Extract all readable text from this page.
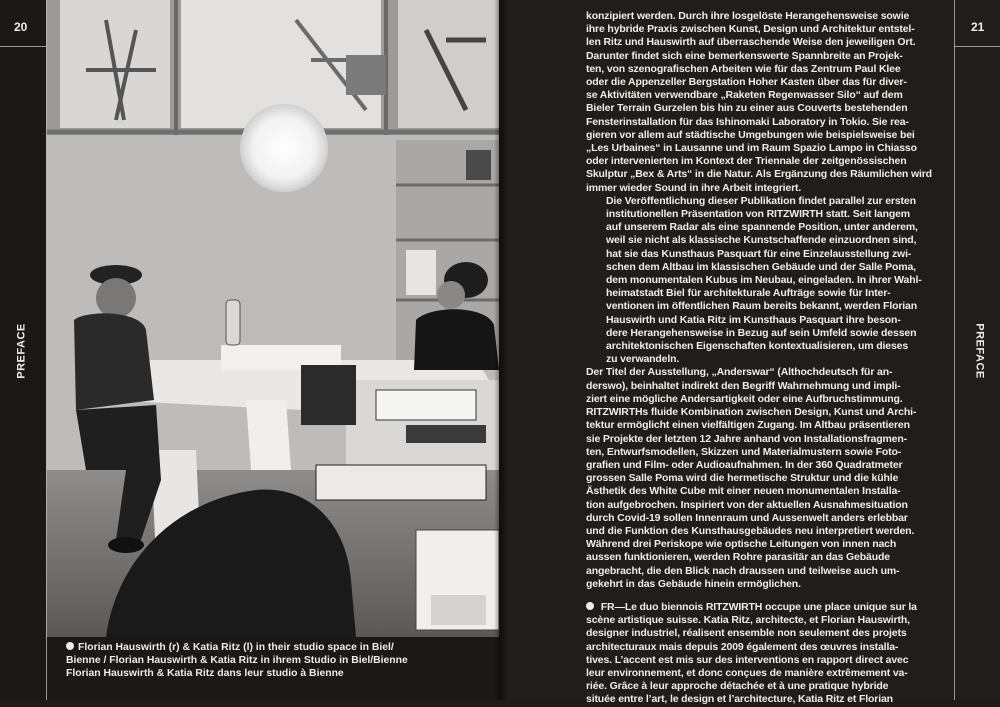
20
PREFACE
Florian Hauswirth (r) & Katia Ritz (l) in their studio space in Biel/
Bienne / Florian Hauswirth & Katia Ritz in ihrem Studio in Biel/Bienne
Florian Hauswirth & Katia Ritz dans leur studio à Bienne
21
PREFACE
konzipiert werden. Durch ihre losgelöste Herangehensweise sowie
ihre hybride Praxis zwischen Kunst, Design und Architektur entstel-
len Ritz und Hauswirth auf überraschende Weise den jeweiligen Ort.
Darunter findet sich eine bemerkenswerte Spannbreite an Projek-
ten, von szenografischen Arbeiten wie für das Zentrum Paul Klee
oder die Appenzeller Bergstation Hoher Kasten über das für diver-
se Aktivitäten verwendbare „Raketen Regenwasser Silo“ auf dem
Bieler Terrain Gurzelen bis hin zu einer aus Couverts bestehenden
Fensterinstallation für das Ishinomaki Laboratory in Tokio. Sie rea-
gieren vor allem auf städtische Umgebungen wie beispielsweise bei
„Les Urbaines“ in Lausanne und im Raum Spazio Lampo in Chiasso
oder intervenierten im Kontext der Triennale der zeitgenössischen
Skulptur „Bex & Arts“ in die Natur. Als Ergänzung des Räumlichen wird
immer wieder Sound in ihre Arbeit integriert.
Die Veröffentlichung dieser Publikation findet parallel zur ersten
institutionellen Präsentation von RITZWIRTH statt. Seit langem
auf unserem Radar als eine spannende Position, unter anderem,
weil sie nicht als klassische Kunstschaffende einzuordnen sind,
hat sie das Kunsthaus Pasquart für eine Einzelausstellung zwi-
schen dem Altbau im klassischen Gebäude und der Salle Poma,
dem monumentalen Kubus im Neubau, eingeladen. In ihrer Wahl-
heimatstadt Biel für architekturale Aufträge sowie für Inter-
ventionen im öffentlichen Raum bereits bekannt, werden Florian
Hauswirth und Katia Ritz im Kunsthaus Pasquart ihre beson-
dere Herangehensweise in Bezug auf sein Umfeld sowie dessen
architektonischen Eigenschaften kontextualisieren, um dieses
zu verwandeln.
Der Titel der Ausstellung, „Anderswar“ (Althochdeutsch für an-
derswo), beinhaltet indirekt den Begriff Wahrnehmung und impli-
ziert eine mögliche Andersartigkeit oder eine Aufbruchstimmung.
RITZWIRTHs fluide Kombination zwischen Design, Kunst und Archi-
tektur ermöglicht einen vielfältigen Zugang. Im Altbau präsentieren
sie Projekte der letzten 12 Jahre anhand von Installationsfragmen-
ten, Entwurfsmodellen, Skizzen und Materialmustern sowie Foto-
grafien und Film- oder Audioaufnahmen. In der 360 Quadratmeter
grossen Salle Poma wird die hermetische Struktur und die kühle
Ästhetik des White Cube mit einer neuen monumentalen Installa-
tion aufgebrochen. Inspiriert von der aktuellen Ausnahmesituation
durch Covid-19 sollen Innenraum und Aussenwelt anders erlebbar
und die Funktion des Kunsthausgebäudes neu interpretiert werden.
Während drei Periskope wie optische Leitungen von innen nach
aussen funktionieren, werden Rohre parasitär an das Gebäude
angebracht, die den Blick nach draussen und teilweise auch um-
gekehrt in das Gebäude hinein ermöglichen.
FR—Le duo biennois RITZWIRTH occupe une place unique sur la
scène artistique suisse. Katia Ritz, architecte, et Florian Hauswirth,
designer industriel, réalisent ensemble non seulement des projets
architecturaux mais depuis 2009 également des œuvres installa-
tives. L’accent est mis sur des interventions en rapport direct avec
leur environnement, et donc conçues de manière extrêmement va-
riée. Grâce à leur approche détachée et à une pratique hybride
située entre l’art, le design et l’architecture, Katia Ritz et Florian
